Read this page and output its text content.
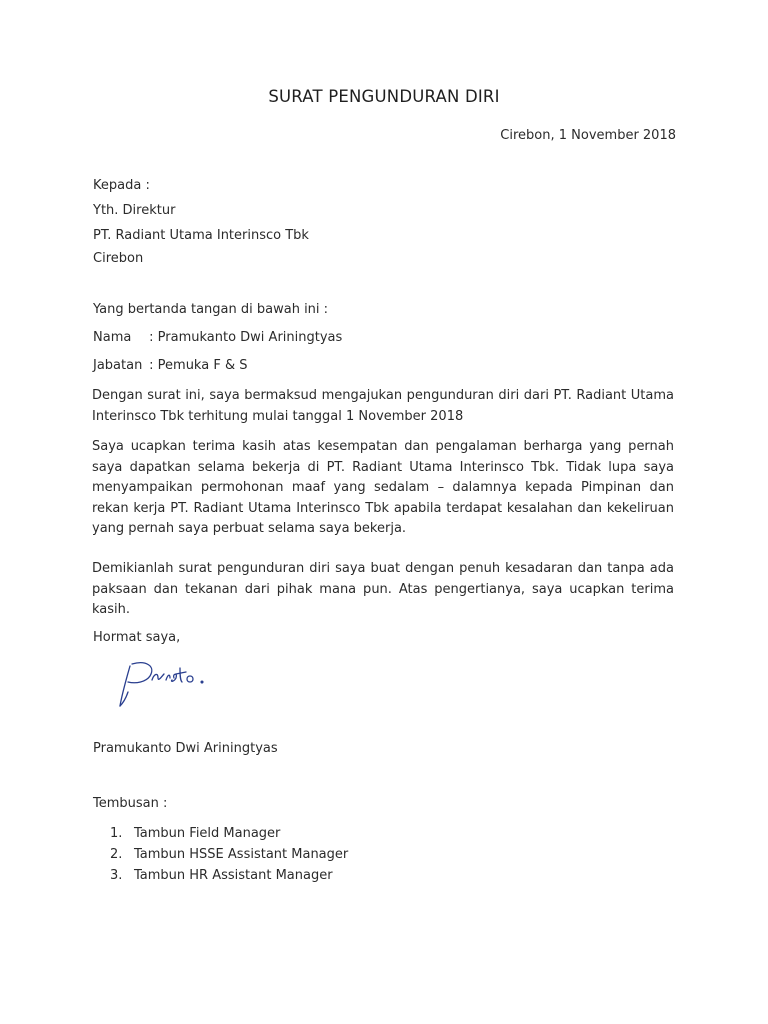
SURAT PENGUNDURAN DIRI
Cirebon, 1 November 2018
Kepada :
Yth. Direktur
PT. Radiant Utama Interinsco Tbk
Cirebon
Yang bertanda tangan di bawah ini :
Nama : Pramukanto Dwi Ariningtyas
Jabatan : Pemuka F & S
Dengan surat ini, saya bermaksud mengajukan pengunduran diri dari PT. Radiant Utama Interinsco Tbk terhitung mulai tanggal 1 November 2018
Saya ucapkan terima kasih atas kesempatan dan pengalaman berharga yang pernah saya dapatkan selama bekerja di PT. Radiant Utama Interinsco Tbk. Tidak lupa saya menyampaikan permohonan maaf yang sedalam – dalamnya kepada Pimpinan dan rekan kerja PT. Radiant Utama Interinsco Tbk apabila terdapat kesalahan dan kekeliruan yang pernah saya perbuat selama saya bekerja.
Demikianlah surat pengunduran diri saya buat dengan penuh kesadaran dan tanpa ada paksaan dan tekanan dari pihak mana pun. Atas pengertianya, saya ucapkan terima kasih.
Hormat saya,
Pramukanto Dwi Ariningtyas
Tembusan :
1. Tambun Field Manager
2. Tambun HSSE Assistant Manager
3. Tambun HR Assistant Manager
